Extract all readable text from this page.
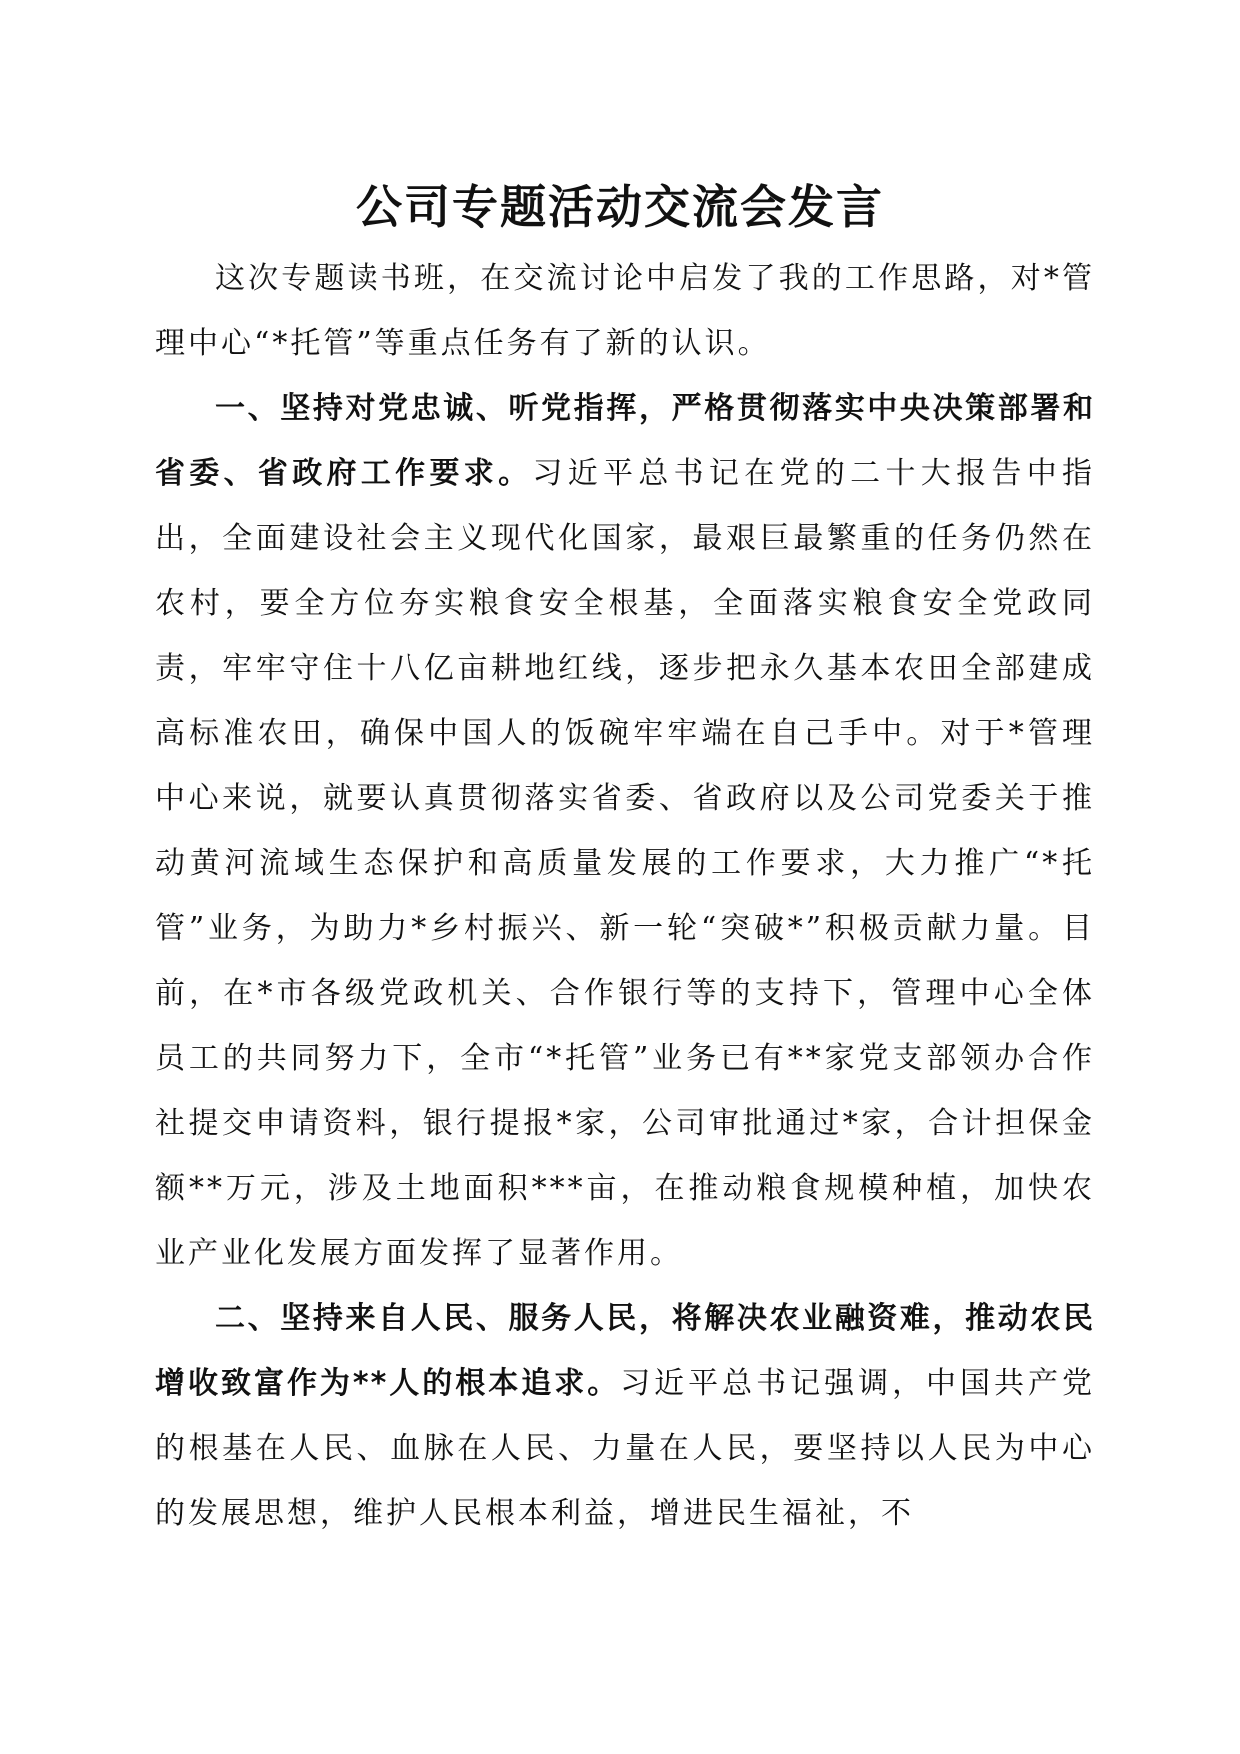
公司专题活动交流会发言

这次专题读书班，在交流讨论中启发了我的工作思路，对*管理中心“*托管”等重点任务有了新的认识。

一、坚持对党忠诚、听党指挥，严格贯彻落实中央决策部署和省委、省政府工作要求。习近平总书记在党的二十大报告中指出，全面建设社会主义现代化国家，最艰巨最繁重的任务仍然在农村，要全方位夯实粮食安全根基，全面落实粮食安全党政同责，牢牢守住十八亿亩耕地红线，逐步把永久基本农田全部建成高标准农田，确保中国人的饭碗牢牢端在自己手中。对于*管理中心来说，就要认真贯彻落实省委、省政府以及公司党委关于推动黄河流域生态保护和高质量发展的工作要求，大力推广“*托管”业务，为助力*乡村振兴、新一轮“突破*”积极贡献力量。目前，在*市各级党政机关、合作银行等的支持下，管理中心全体员工的共同努力下，全市“*托管”业务已有**家党支部领办合作社提交申请资料，银行提报*家，公司审批通过*家，合计担保金额**万元，涉及土地面积***亩，在推动粮食规模种植，加快农业产业化发展方面发挥了显著作用。

二、坚持来自人民、服务人民，将解决农业融资难，推动农民增收致富作为**人的根本追求。习近平总书记强调，中国共产党的根基在人民、血脉在人民、力量在人民，要坚持以人民为中心的发展思想，维护人民根本利益，增进民生福祉，不
